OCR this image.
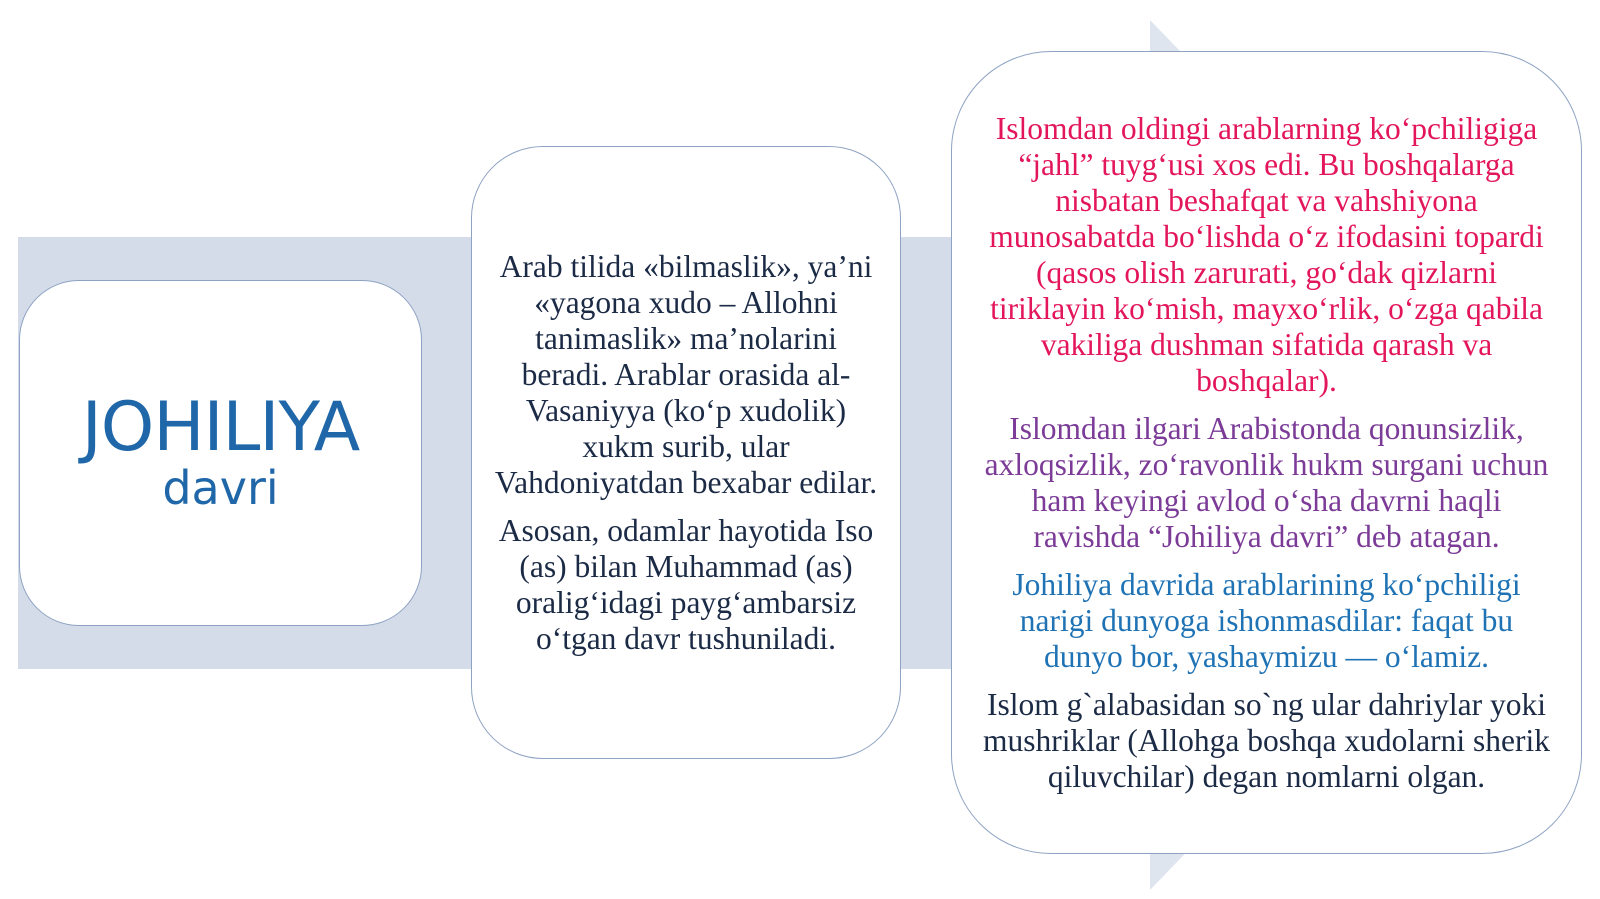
JOHILIYA
davri

Arab tilida «bilmaslik», ya’ni «yagona xudo – Allohni tanimaslik» ma’nolarini beradi. Arablar orasida al-Vasaniyya (ko‘p xudolik) xukm surib, ular Vahdoniyatdan bexabar edilar.

Asosan, odamlar hayotida Iso (as) bilan Muhammad (as) oralig‘idagi payg‘ambarsiz o‘tgan davr tushuniladi.

Islomdan oldingi arablarning ko‘pchiligiga “jahl” tuyg‘usi xos edi. Bu boshqalarga nisbatan beshafqat va vahshiyona munosabatda bo‘lishda o‘z ifodasini topardi (qasos olish zarurati, go‘dak qizlarni tiriklayin ko‘mish, mayxo‘rlik, o‘zga qabila vakiliga dushman sifatida qarash va boshqalar).

Islomdan ilgari Arabistonda qonunsizlik, axloqsizlik, zo‘ravonlik hukm surgani uchun ham keyingi avlod o‘sha davrni haqli ravishda “Johiliya davri” deb atagan.

Johiliya davrida arablarining ko‘pchiligi narigi dunyoga ishonmasdilar: faqat bu dunyo bor, yashaymizu — o‘lamiz.

Islom g`alabasidan so`ng ular dahriylar yoki mushriklar (Allohga boshqa xudolarni sherik qiluvchilar) degan nomlarni olgan.
